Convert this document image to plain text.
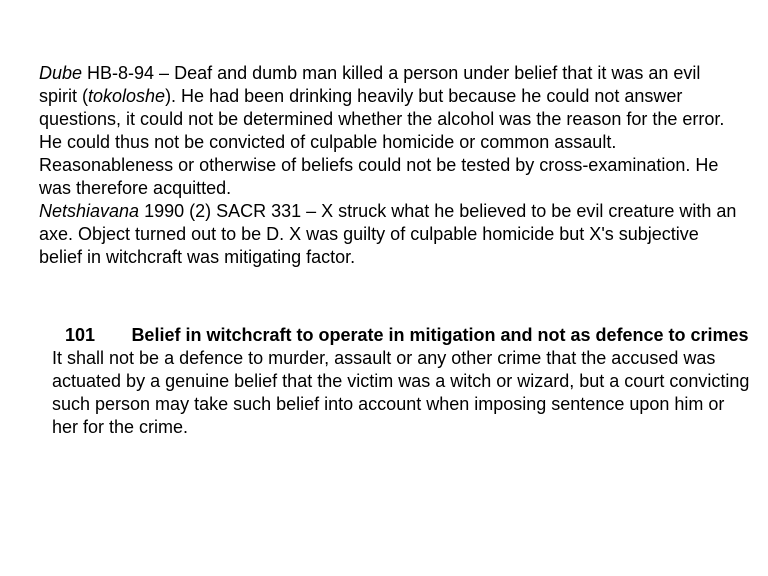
Dube HB-8-94 – Deaf and dumb man killed a person under belief that it was an evil spirit (tokoloshe). He had been drinking heavily but because he could not answer questions, it could not be determined whether the alcohol was the reason for the error. He could thus not be convicted of culpable homicide or common assault. Reasonableness or otherwise of beliefs could not be tested by cross-examination. He was therefore acquitted.

Netshiavana 1990 (2) SACR 331 – X struck what he believed to be evil creature with an axe. Object turned out to be D. X was guilty of culpable homicide but X's subjective belief in witchcraft was mitigating factor.

101	Belief in witchcraft to operate in mitigation and not as defence to crimes

It shall not be a defence to murder, assault or any other crime that the accused was actuated by a genuine belief that the victim was a witch or wizard, but a court convicting such person may take such belief into account when imposing sentence upon him or her for the crime.
